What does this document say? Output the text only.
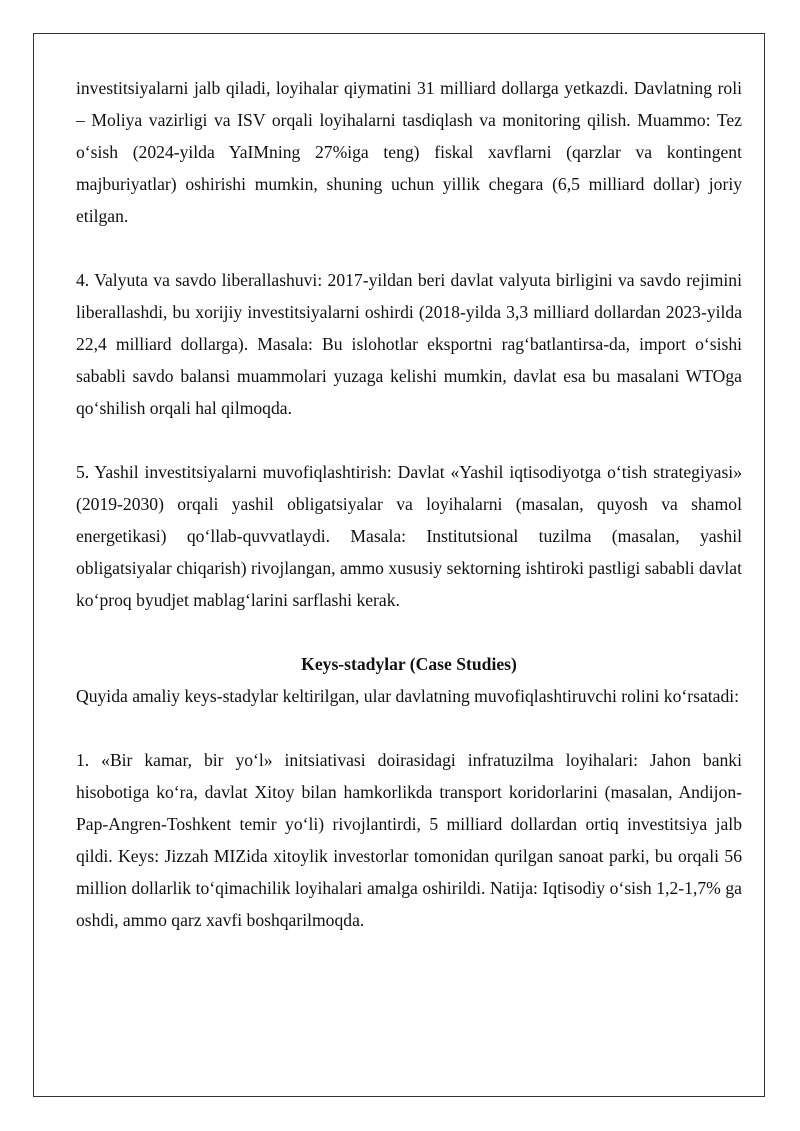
investitsiyalarni jalb qiladi, loyihalar qiymatini 31 milliard dollarga yetkazdi. Davlatning roli – Moliya vazirligi va ISV orqali loyihalarni tasdiqlash va monitoring qilish. Muammo: Tez o‘sish (2024-yilda YaIMning 27%iga teng) fiskal xavflarni (qarzlar va kontingent majburiyatlar) oshirishi mumkin, shuning uchun yillik chegara (6,5 milliard dollar) joriy etilgan.

4. Valyuta va savdo liberallashuvi: 2017-yildan beri davlat valyuta birligini va savdo rejimini liberallashdi, bu xorijiy investitsiyalarni oshirdi (2018-yilda 3,3 milliard dollardan 2023-yilda 22,4 milliard dollarga). Masala: Bu islohotlar eksportni rag‘batlantirsa-da, import o‘sishi sababli savdo balansi muammolari yuzaga kelishi mumkin, davlat esa bu masalani WTOga qo‘shilish orqali hal qilmoqda.

5. Yashil investitsiyalarni muvofiqlashtirish: Davlat «Yashil iqtisodiyotga o‘tish strategiyasi» (2019-2030) orqali yashil obligatsiyalar va loyihalarni (masalan, quyosh va shamol energetikasi) qo‘llab-quvvatlaydi. Masala: Institutsional tuzilma (masalan, yashil obligatsiyalar chiqarish) rivojlangan, ammo xususiy sektorning ishtiroki pastligi sababli davlat ko‘proq byudjet mablag‘larini sarflashi kerak.

Keys-stadylar (Case Studies)

Quyida amaliy keys-stadylar keltirilgan, ular davlatning muvofiqlashtiruvchi rolini ko‘rsatadi:

1. «Bir kamar, bir yo‘l» initsiativasi doirasidagi infratuzilma loyihalari: Jahon banki hisobotiga ko‘ra, davlat Xitoy bilan hamkorlikda transport koridorlarini (masalan, Andijon-Pap-Angren-Toshkent temir yo‘li) rivojlantirdi, 5 milliard dollardan ortiq investitsiya jalb qildi. Keys: Jizzah MIZida xitoylik investorlar tomonidan qurilgan sanoat parki, bu orqali 56 million dollarlik to‘qimachilik loyihalari amalga oshirildi. Natija: Iqtisodiy o‘sish 1,2-1,7% ga oshdi, ammo qarz xavfi boshqarilmoqda.
